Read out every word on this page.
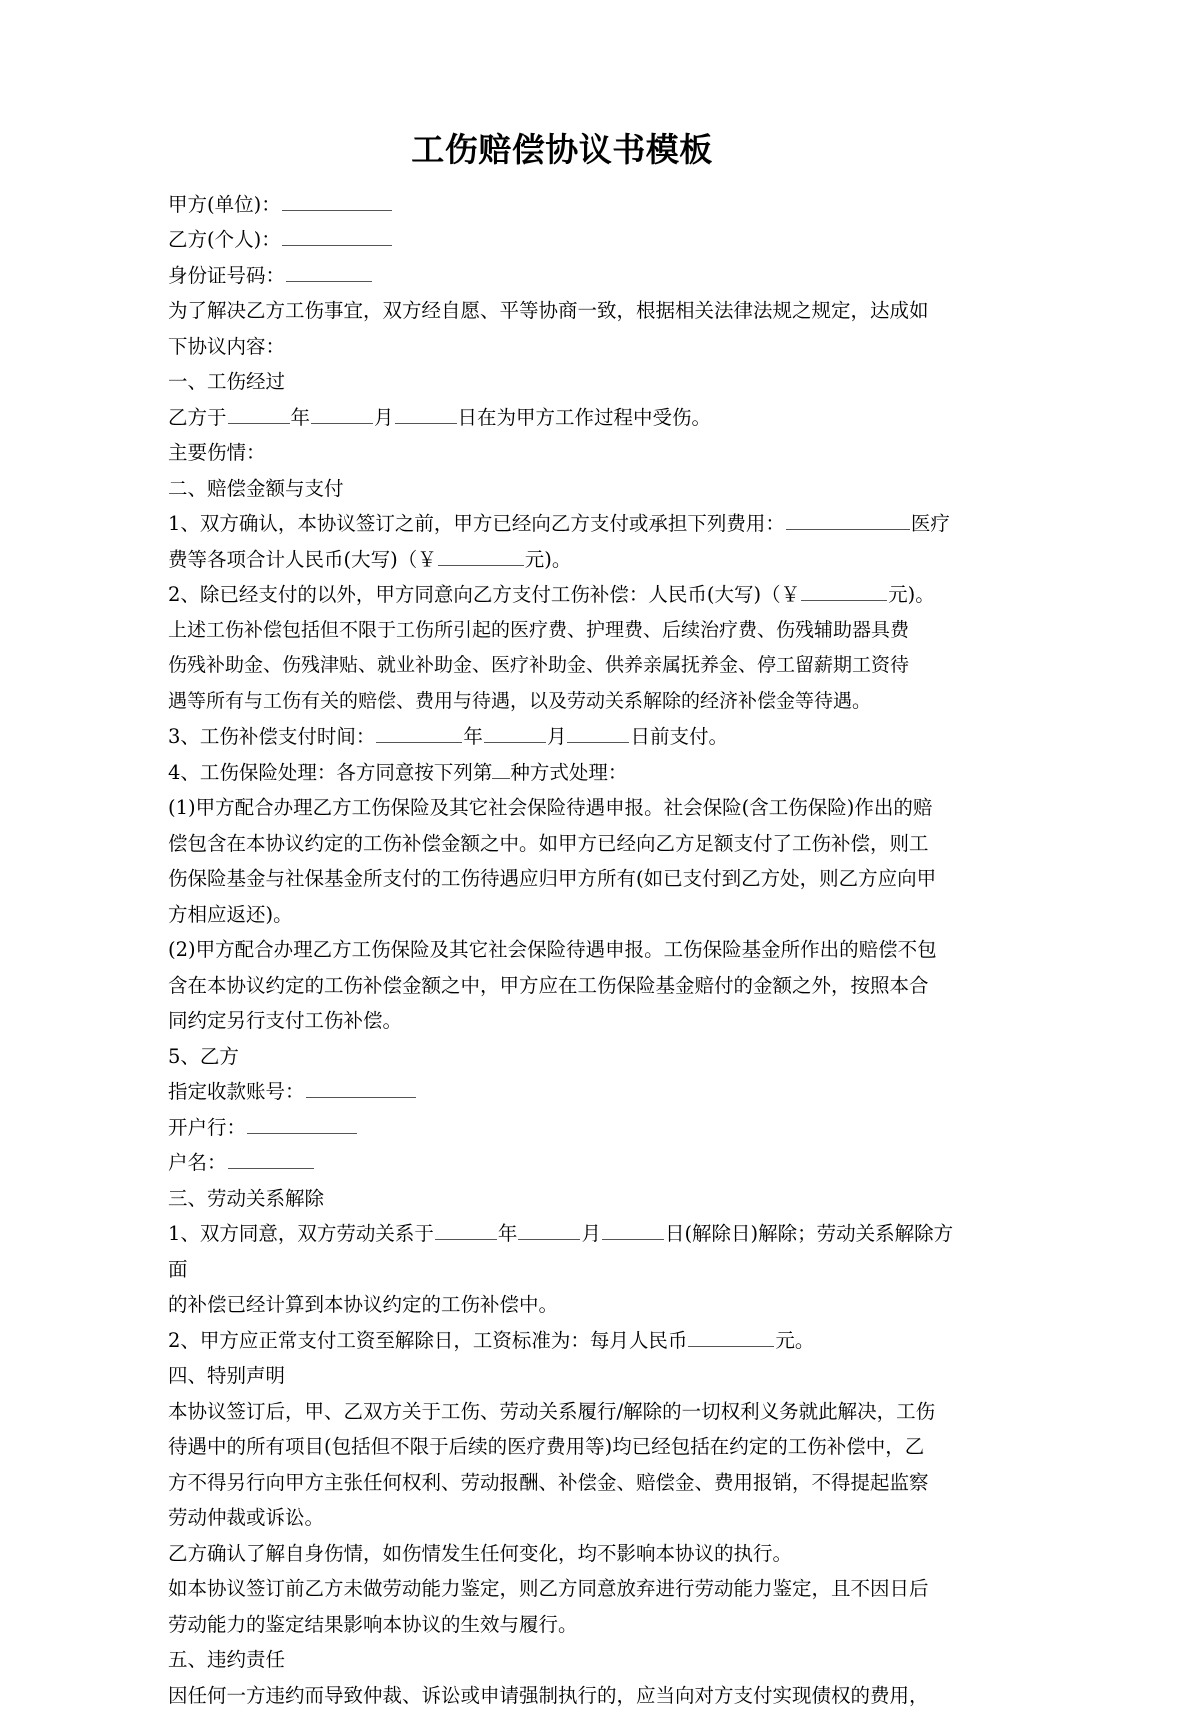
工伤赔偿协议书模板

甲方(单位)：

乙方(个人)：

身份证号码：

为了解决乙方工伤事宜，双方经自愿、平等协商一致，根据相关法律法规之规定，达成如

下协议内容：

一、工伤经过

乙方于	年	月	日在为甲方工作过程中受伤。

主要伤情：

二、赔偿金额与支付

1、双方确认，本协议签订之前，甲方已经向乙方支付或承担下列费用：	医疗

费等各项合计人民币(大写)（￥	元)。

2、除已经支付的以外，甲方同意向乙方支付工伤补偿：人民币(大写)（￥	元)。

上述工伤补偿包括但不限于工伤所引起的医疗费、护理费、后续治疗费、伤残辅助器具费

伤残补助金、伤残津贴、就业补助金、医疗补助金、供养亲属抚养金、停工留薪期工资待

遇等所有与工伤有关的赔偿、费用与待遇，以及劳动关系解除的经济补偿金等待遇。

3、工伤补偿支付时间：	年	月	日前支付。

4、工伤保险处理：各方同意按下列第 种方式处理：

(1)甲方配合办理乙方工伤保险及其它社会保险待遇申报。社会保险(含工伤保险)作出的赔

偿包含在本协议约定的工伤补偿金额之中。如甲方已经向乙方足额支付了工伤补偿，则工

伤保险基金与社保基金所支付的工伤待遇应归甲方所有(如已支付到乙方处，则乙方应向甲

方相应返还)。

(2)甲方配合办理乙方工伤保险及其它社会保险待遇申报。工伤保险基金所作出的赔偿不包

含在本协议约定的工伤补偿金额之中，甲方应在工伤保险基金赔付的金额之外，按照本合

同约定另行支付工伤补偿。

5、乙方

指定收款账号：

开户行：

户名：

三、劳动关系解除

1、双方同意，双方劳动关系于	年	月	日(解除日)解除；劳动关系解除方面

的补偿已经计算到本协议约定的工伤补偿中。

2、甲方应正常支付工资至解除日，工资标准为：每月人民币	元。

四、特别声明

本协议签订后，甲、乙双方关于工伤、劳动关系履行/解除的一切权利义务就此解决，工伤

待遇中的所有项目(包括但不限于后续的医疗费用等)均已经包括在约定的工伤补偿中，乙

方不得另行向甲方主张任何权利、劳动报酬、补偿金、赔偿金、费用报销，不得提起监察

劳动仲裁或诉讼。

乙方确认了解自身伤情，如伤情发生任何变化，均不影响本协议的执行。

如本协议签订前乙方未做劳动能力鉴定，则乙方同意放弃进行劳动能力鉴定，且不因日后

劳动能力的鉴定结果影响本协议的生效与履行。

五、违约责任

因任何一方违约而导致仲裁、诉讼或申请强制执行的，应当向对方支付实现债权的费用，
